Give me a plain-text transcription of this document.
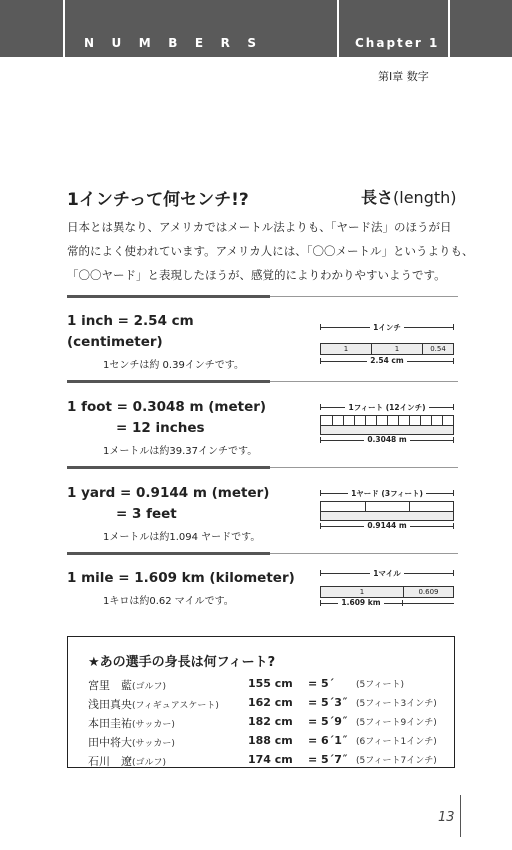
NUMBERS	Chapter 1
第Ⅰ章 数字
1インチって何センチ!?	長さ(length)
日本とは異なり、アメリカではメートル法よりも、「ヤード法」のほうが日
常的によく使われています。アメリカ人には、「〇〇メートル」というよりも、
「〇〇ヤード」と表現したほうが、感覚的によりわかりやすいようです。
1 inch = 2.54 cm
(centimeter)
1センチは約 0.39インチです。
1インチ
1	1	0.54
2.54 cm
1 foot = 0.3048 m (meter)
= 12 inches
1メートルは約39.37インチです。
1フィート (12インチ)
0.3048 m
1 yard = 0.9144 m (meter)
= 3 feet
1メートルは約1.094 ヤードです。
1ヤード (3フィート)
0.9144 m
1 mile = 1.609 km (kilometer)
1キロは約0.62 マイルです。
1マイル
1	0.609
1.609 km
★あの選手の身長は何フィート?
宮里　藍(ゴルフ)	155 cm = 5´ (5フィート)
浅田真央(フィギュアスケート)	162 cm = 5´3˝ (5フィート3インチ)
本田圭祐(サッカー)	182 cm = 5´9˝ (5フィート9インチ)
田中将大(サッカー)	188 cm = 6´1˝ (6フィート1インチ)
石川　遼(ゴルフ)	174 cm = 5´7˝ (5フィート7インチ)
13
